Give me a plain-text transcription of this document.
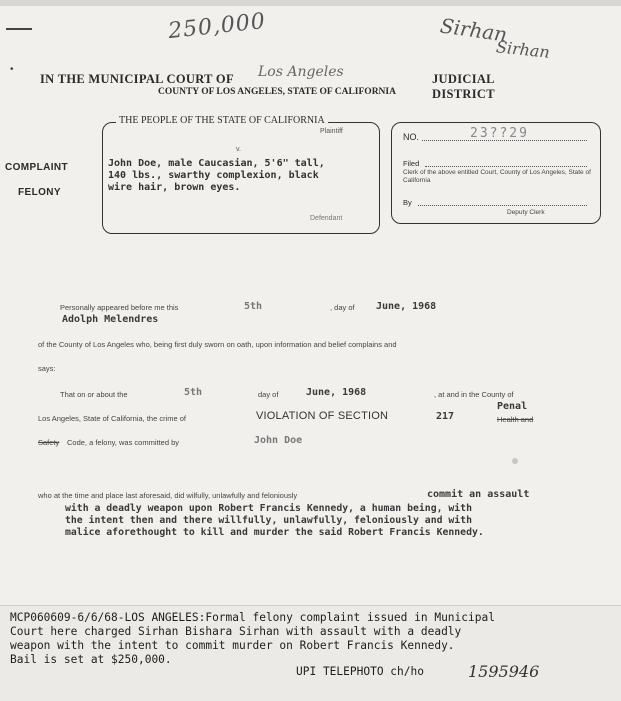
•
250,000	Sirhan
Sirhan
IN THE MUNICIPAL COURT OF	JUDICIAL DISTRICT
Los Angeles
COUNTY OF LOS ANGELES, STATE OF CALIFORNIA
THE PEOPLE OF THE STATE OF CALIFORNIA
Plaintiff
v.
John Doe, male Caucasian, 5'6" tall,
140 lbs., swarthy complexion, black
wire hair, brown eyes.
Defendant
COMPLAINT
FELONY
NO.	23??29
Filed
Clerk of the above entitled Court, County of Los Angeles, State of California
By
Deputy Clerk
Personally appeared before me this	5th	, day of June, 1968
Adolph Melendres
of the County of Los Angeles who, being first duly sworn on oath, upon information and belief complains and
says:
That on or about the	5th	day of	June, 1968	, at and in the County of
Penal
Los Angeles, State of California, the crime of	VIOLATION OF SECTION	217	Health and
Safety Code, a felony, was committed by	John Doe
who at the time and place last aforesaid, did wilfully, unlawfully and feloniously	commit an assault
with a deadly weapon upon Robert Francis Kennedy, a human being, with
the intent then and there willfully, unlawfully, feloniously and with
malice aforethought to kill and murder the said Robert Francis Kennedy.
MCP060609-6/6/68-LOS ANGELES:Formal felony complaint issued in Municipal
Court here charged Sirhan Bishara Sirhan with assault with a deadly
weapon with the intent to commit murder on Robert Francis Kennedy.
Bail is set at $250,000.
UPI TELEPHOTO ch/ho	1595946
